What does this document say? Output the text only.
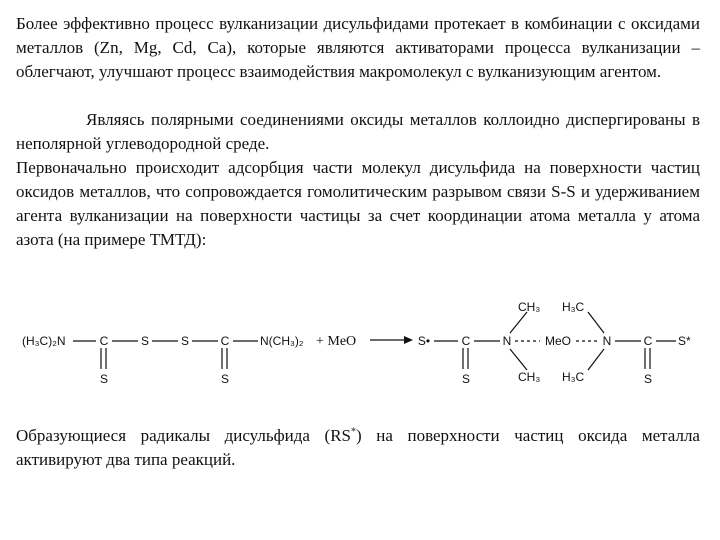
Более эффективно процесс вулканизации дисульфидами протекает в комбинации с оксидами металлов (Zn, Mg, Cd, Ca), которые являются активаторами процесса вулканизации – облегчают, улучшают процесс взаимодействия макромолекул с вулканизующим агентом.

Являясь полярными соединениями оксиды металлов коллоидно диспергированы в неполярной углеводородной среде.

Первоначально происходит адсорбция части молекул дисульфида на поверхности частиц оксидов металлов, что сопровождается гомолитическим разрывом связи S-S и удерживанием агента вулканизации на поверхности частицы за счет координации атома металла у атома азота (на примере ТМТД):

(H₃C)₂N	C
S
S	S	C
S
N(CH₃)₂ + MeO	S•	C
S
N
CH₃
CH₃
MeO	N
H₃C
H₃C
C
S
S*

Образующиеся радикалы дисульфида (RS*) на поверхности частиц оксида металла активируют два типа реакций.
